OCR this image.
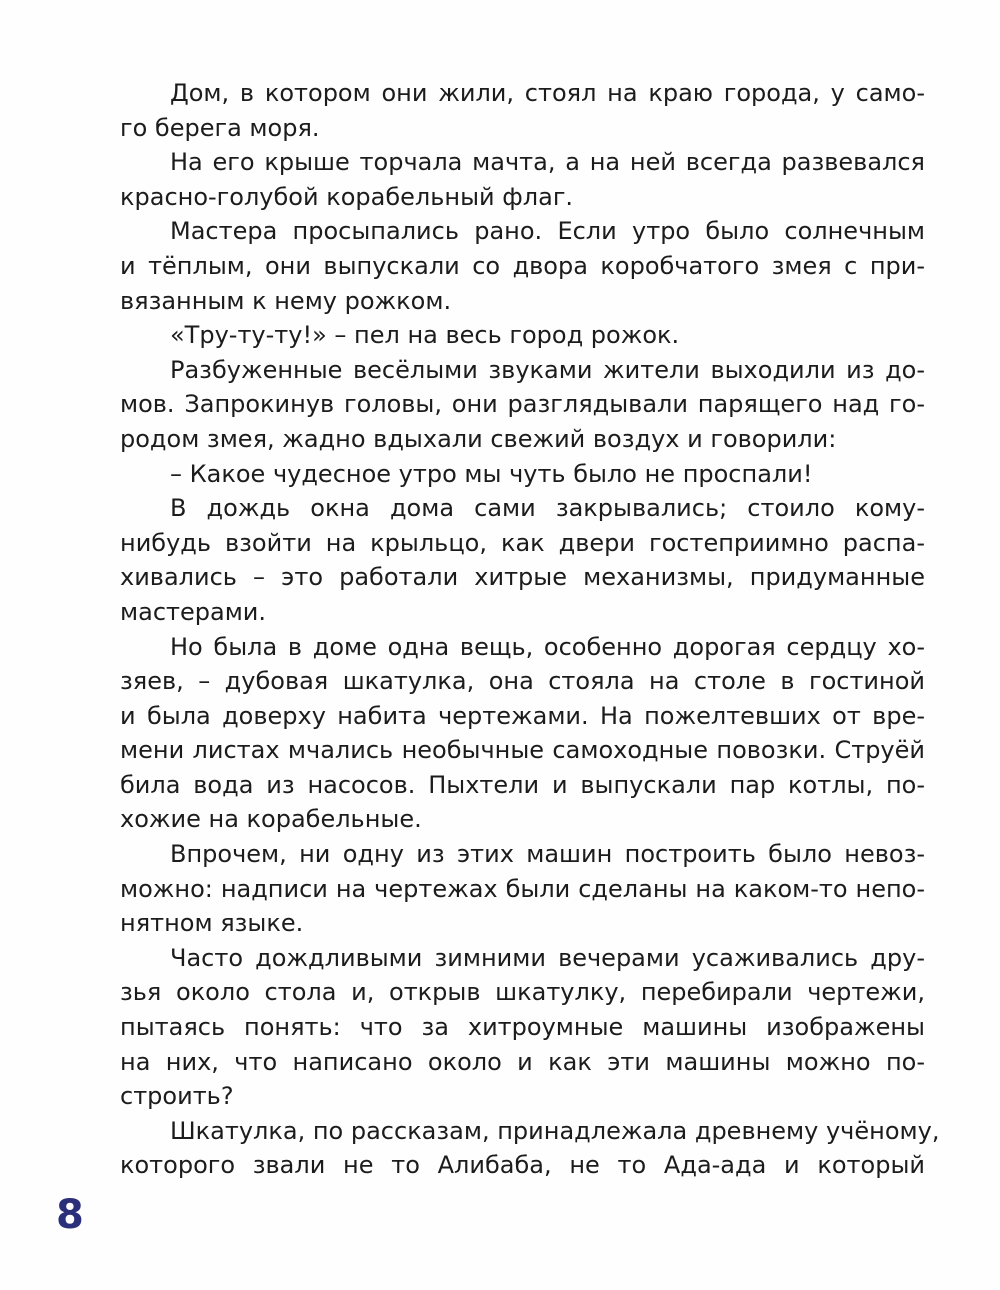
Дом, в котором они жили, стоял на краю города, у само-
го берега моря.
На его крыше торчала мачта, а на ней всегда развевался
красно-голубой корабельный флаг.
Мастера просыпались рано. Если утро было солнечным
и тёплым, они выпускали со двора коробчатого змея с при-
вязанным к нему рожком.
«Тру-ту-ту!» – пел на весь город рожок.
Разбуженные весёлыми звуками жители выходили из до-
мов. Запрокинув головы, они разглядывали парящего над го-
родом змея, жадно вдыхали свежий воздух и говорили:
– Какое чудесное утро мы чуть было не проспали!
В дождь окна дома сами закрывались; стоило кому-
нибудь взойти на крыльцо, как двери гостеприимно распа-
хивались – это работали хитрые механизмы, придуманные
мастерами.
Но была в доме одна вещь, особенно дорогая сердцу хо-
зяев, – дубовая шкатулка, она стояла на столе в гостиной
и была доверху набита чертежами. На пожелтевших от вре-
мени листах мчались необычные самоходные повозки. Струёй
била вода из насосов. Пыхтели и выпускали пар котлы, по-
хожие на корабельные.
Впрочем, ни одну из этих машин построить было невоз-
можно: надписи на чертежах были сделаны на каком-то непо-
нятном языке.
Часто дождливыми зимними вечерами усаживались дру-
зья около стола и, открыв шкатулку, перебирали чертежи,
пытаясь понять: что за хитроумные машины изображены
на них, что написано около и как эти машины можно по-
строить?
Шкатулка, по рассказам, принадлежала древнему учёному,
которого звали не то Алибаба, не то Ада-ада и который
8
